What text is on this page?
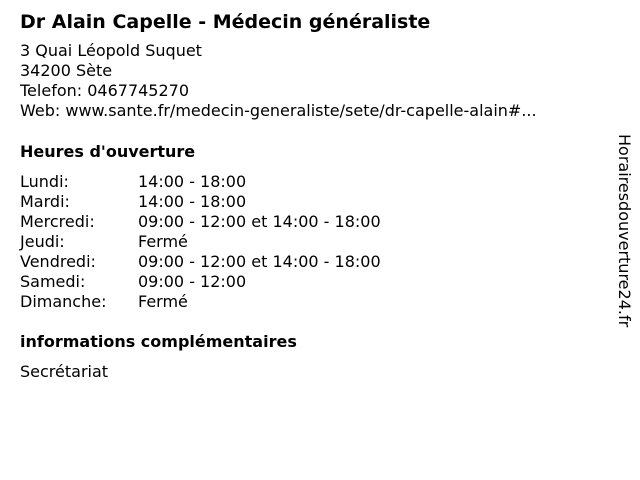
Dr Alain Capelle - Médecin généraliste
3 Quai Léopold Suquet
34200 Sète
Telefon: 0467745270
Web: www.sante.fr/medecin-generaliste/sete/dr-capelle-alain#...
Heures d'ouverture
Lundi:	14:00 - 18:00
Mardi:	14:00 - 18:00
Mercredi:	09:00 - 12:00 et 14:00 - 18:00
Jeudi:	Fermé
Vendredi:	09:00 - 12:00 et 14:00 - 18:00
Samedi:	09:00 - 12:00
Dimanche:	Fermé
informations complémentaires
Secrétariat
Horairesdouverture24.fr
